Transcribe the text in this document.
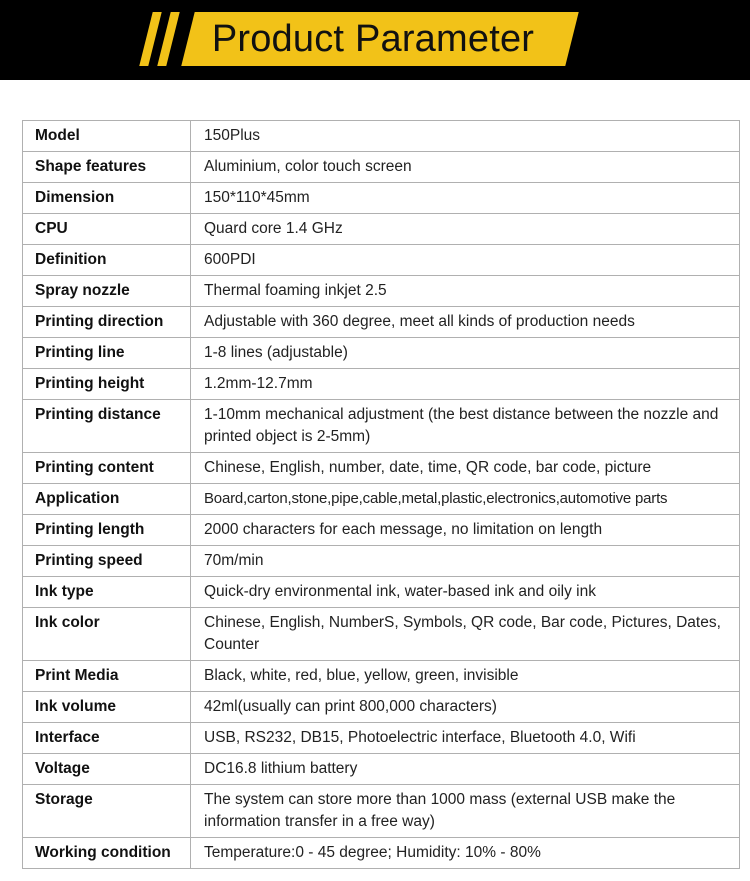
Product Parameter
Model	150Plus
Shape features	Aluminium, color touch screen
Dimension	150*110*45mm
CPU	Quard core 1.4 GHz
Definition	600PDI
Spray nozzle	Thermal foaming inkjet 2.5
Printing direction	Adjustable with 360 degree, meet all kinds of production needs
Printing line	1-8 lines (adjustable)
Printing height	1.2mm-12.7mm
Printing distance	1-10mm mechanical adjustment (the best distance between the nozzle and printed object is 2-5mm)
Printing content	Chinese, English, number, date, time, QR code, bar code, picture
Application	Board,carton,stone,pipe,cable,metal,plastic,electronics,automotive parts
Printing length	2000 characters for each message, no limitation on length
Printing speed	70m/min
Ink type	Quick-dry environmental ink, water-based ink and oily ink
Ink color	Chinese, English, NumberS, Symbols, QR code, Bar code, Pictures, Dates, Counter
Print Media	Black, white, red, blue, yellow, green, invisible
Ink volume	42ml(usually can print 800,000 characters)
Interface	USB, RS232, DB15, Photoelectric interface, Bluetooth 4.0, Wifi
Voltage	DC16.8 lithium battery
Storage	The system can store more than 1000 mass (external USB make the information transfer in a free way)
Working condition	Temperature:0 - 45 degree; Humidity: 10% - 80%
